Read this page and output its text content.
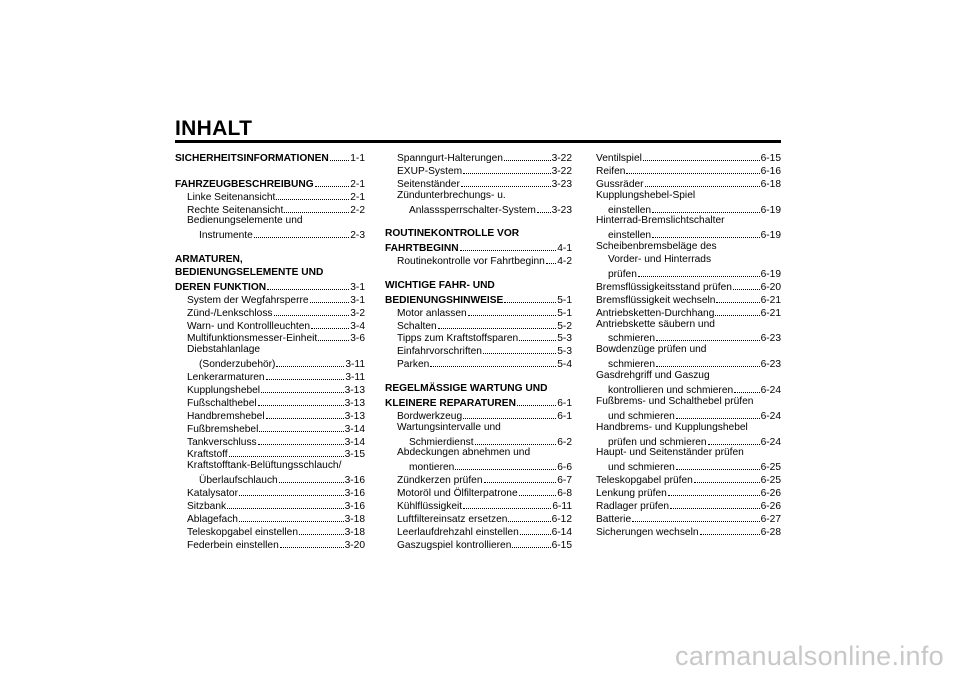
INHALT
SICHERHEITSINFORMATIONEN 1-1
FAHRZEUGBESCHREIBUNG	2-1
Linke Seitenansicht	2-1
Rechte Seitenansicht	2-2
Bedienungselemente und
Instrumente	2-3
ARMATUREN,
BEDIENUNGSELEMENTE UND
DEREN FUNKTION	3-1
System der Wegfahrsperre	3-1
Zünd-/Lenkschloss	3-2
Warn- und Kontrollleuchten	3-4
Multifunktionsmesser-Einheit	3-6
Diebstahlanlage
(Sonderzubehör)	3-11
Lenkerarmaturen	3-11
Kupplungshebel	3-13
Fußschalthebel	3-13
Handbremshebel	3-13
Fußbremshebel	3-14
Tankverschluss	3-14
Kraftstoff	3-15
Kraftstofftank-Belüftungsschlauch/
Überlaufschlauch	3-16
Katalysator	3-16
Sitzbank	3-16
Ablagefach	3-18
Teleskopgabel einstellen	3-18
Federbein einstellen	3-20
Spanngurt-Halterungen	3-22
EXUP-System	3-22
Seitenständer	3-23
Zündunterbrechungs- u.
Anlasssperrschalter-System 3-23
ROUTINEKONTROLLE VOR
FAHRTBEGINN	4-1
Routinekontrolle vor Fahrtbeginn 4-2
WICHTIGE FAHR- UND
BEDIENUNGSHINWEISE	5-1
Motor anlassen	5-1
Schalten	5-2
Tipps zum Kraftstoffsparen	5-3
Einfahrvorschriften	5-3
Parken	5-4
REGELMÄSSIGE WARTUNG UND
KLEINERE REPARATUREN	6-1
Bordwerkzeug	6-1
Wartungsintervalle und
Schmierdienst	6-2
Abdeckungen abnehmen und
montieren	6-6
Zündkerzen prüfen	6-7
Motoröl und Ölfilterpatrone	6-8
Kühlflüssigkeit	6-11
Luftfiltereinsatz ersetzen	6-12
Leerlaufdrehzahl einstellen	6-14
Gaszugspiel kontrollieren	6-15
Ventilspiel	6-15
Reifen	6-16
Gussräder	6-18
Kupplungshebel-Spiel
einstellen	6-19
Hinterrad-Bremslichtschalter
einstellen	6-19
Scheibenbremsbeläge des
Vorder- und Hinterrads
prüfen	6-19
Bremsflüssigkeitsstand prüfen	6-20
Bremsflüssigkeit wechseln	6-21
Antriebsketten-Durchhang	6-21
Antriebskette säubern und
schmieren	6-23
Bowdenzüge prüfen und
schmieren	6-23
Gasdrehgriff und Gaszug
kontrollieren und schmieren	6-24
Fußbrems- und Schalthebel prüfen
und schmieren	6-24
Handbrems- und Kupplungshebel
prüfen und schmieren	6-24
Haupt- und Seitenständer prüfen
und schmieren	6-25
Teleskopgabel prüfen	6-25
Lenkung prüfen	6-26
Radlager prüfen	6-26
Batterie	6-27
Sicherungen wechseln	6-28
carmanualsonline.info
